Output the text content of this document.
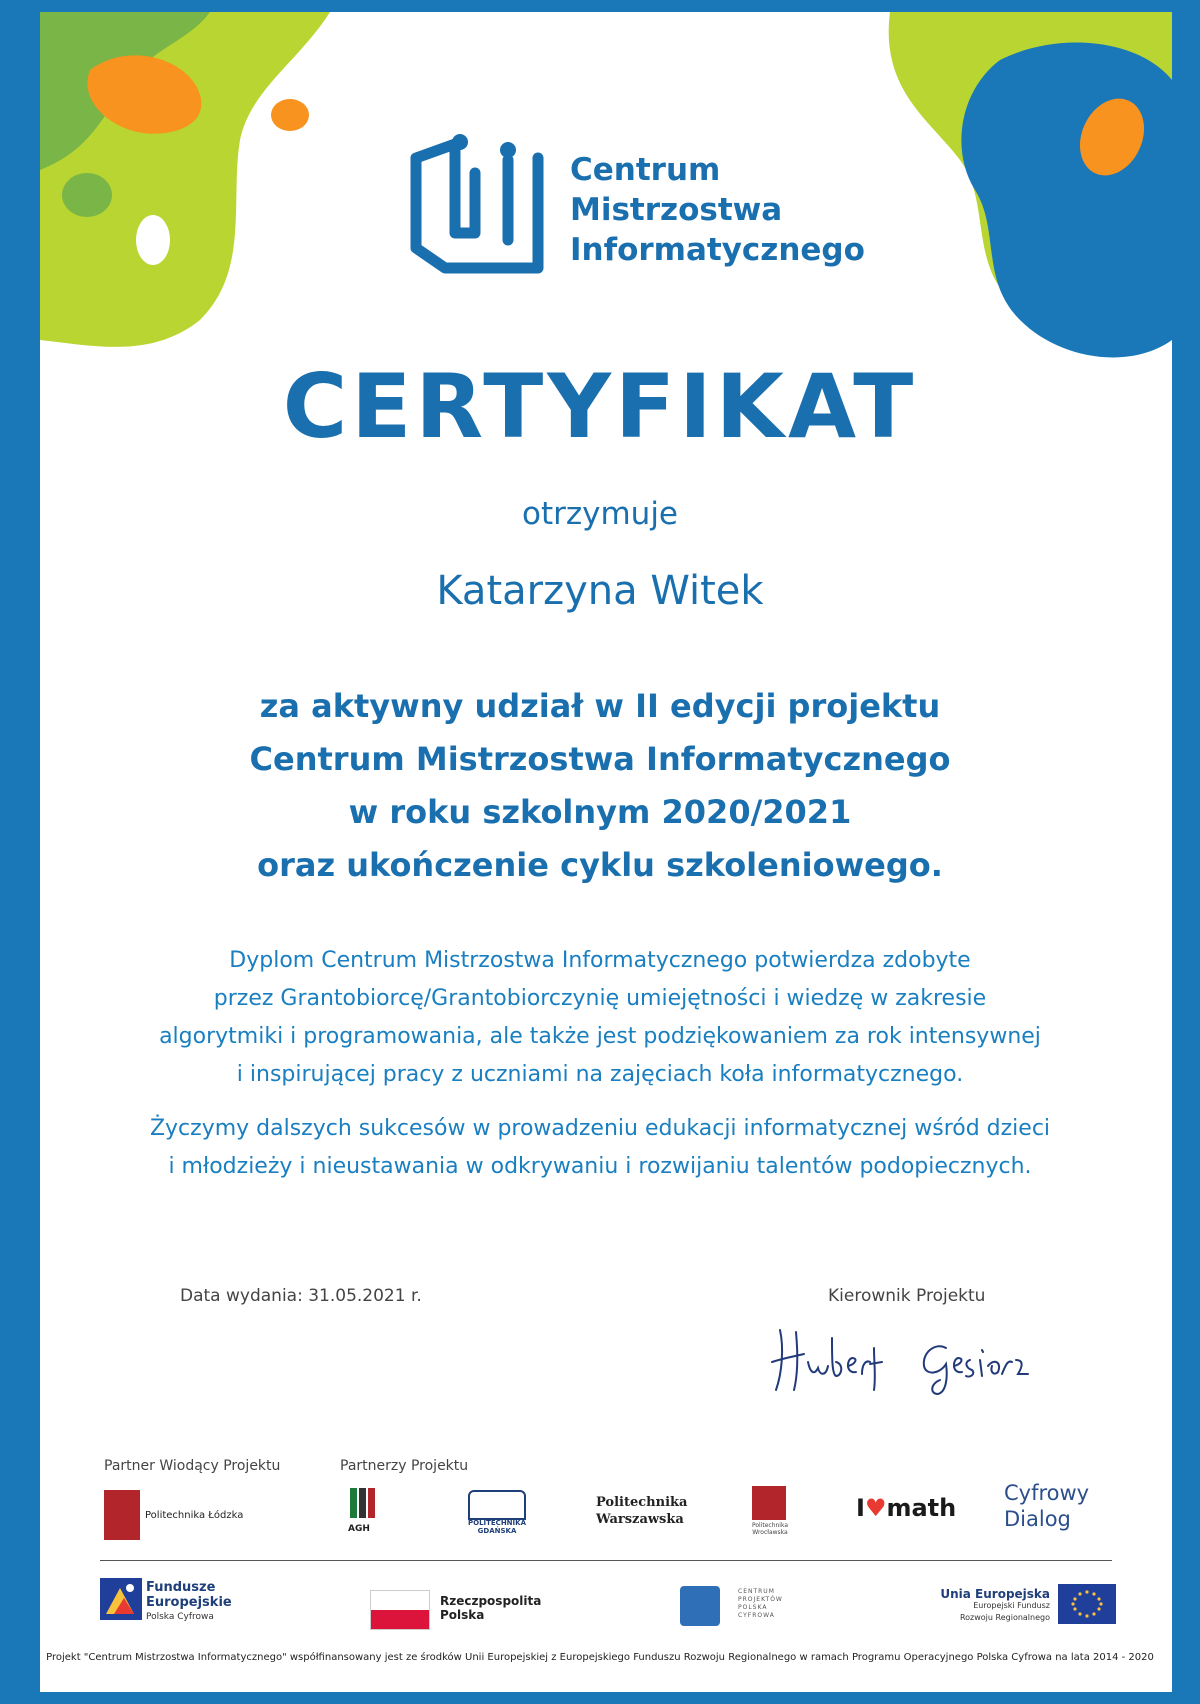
Centrum
Mistrzostwa
Informatycznego
CERTYFIKAT
otrzymuje
Katarzyna Witek
za aktywny udział w II edycji projektu
Centrum Mistrzostwa Informatycznego
w roku szkolnym 2020/2021
oraz ukończenie cyklu szkoleniowego.
Dyplom Centrum Mistrzostwa Informatycznego potwierdza zdobyte
przez Grantobiorcę/Grantobiorczynię umiejętności i wiedzę w zakresie
algorytmiki i programowania, ale także jest podziękowaniem za rok intensywnej
i inspirującej pracy z uczniami na zajęciach koła informatycznego.
Życzymy dalszych sukcesów w prowadzeniu edukacji informatycznej wśród dzieci
i młodzieży i nieustawania w odkrywaniu i rozwijaniu talentów podopiecznych.
Data wydania: 31.05.2021 r.	Kierownik Projektu
Partner Wiodący Projektu	Partnerzy Projektu
Politechnika Łódzka
AGH
POLITECHNIKA GDAŃSKA
Politechnika
Warszawska	Politechnika
Wrocławska
I♥math
Cyfrowy
Dialog
Fundusze
Europejskie
Polska Cyfrowa
Rzeczpospolita
Polska
CENTRUM
PROJEKTÓW
POLSKA
CYFROWA
Unia Europejska
Europejski Fundusz
Rozwoju Regionalnego
Projekt "Centrum Mistrzostwa Informatycznego" współfinansowany jest ze środków Unii Europejskiej z Europejskiego Funduszu Rozwoju Regionalnego w ramach Programu Operacyjnego Polska Cyfrowa na lata 2014 - 2020
